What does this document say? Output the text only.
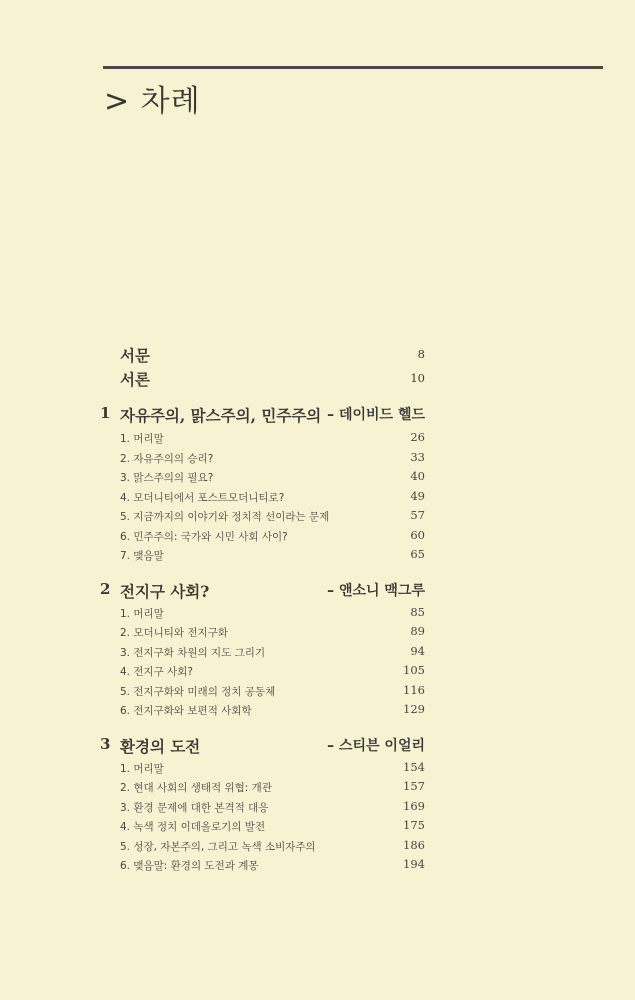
> 차례
서문	8
서론	10
1 자유주의, 맑스주의, 민주주의 – 데이비드 헬드
1. 머리말	26
2. 자유주의의 승리?	33
3. 맑스주의의 필요?	40
4. 모더니티에서 포스트모더니티로?	49
5. 지금까지의 이야기와 정치적 선이라는 문제	57
6. 민주주의: 국가와 시민 사회 사이?	60
7. 맺음말	65
2 전지구 사회?	– 앤소니 맥그루
1. 머리말	85
2. 모더니티와 전지구화	89
3. 전지구화 차원의 지도 그리기	94
4. 전지구 사회?	105
5. 전지구화와 미래의 정치 공동체	116
6. 전지구화와 보편적 사회학	129
3 환경의 도전	– 스티븐 이얼리
1. 머리말	154
2. 현대 사회의 생태적 위협: 개관	157
3. 환경 문제에 대한 본격적 대응	169
4. 녹색 정치 이데올로기의 발전	175
5. 성장, 자본주의, 그리고 녹색 소비자주의	186
6. 맺음말: 환경의 도전과 계몽	194
